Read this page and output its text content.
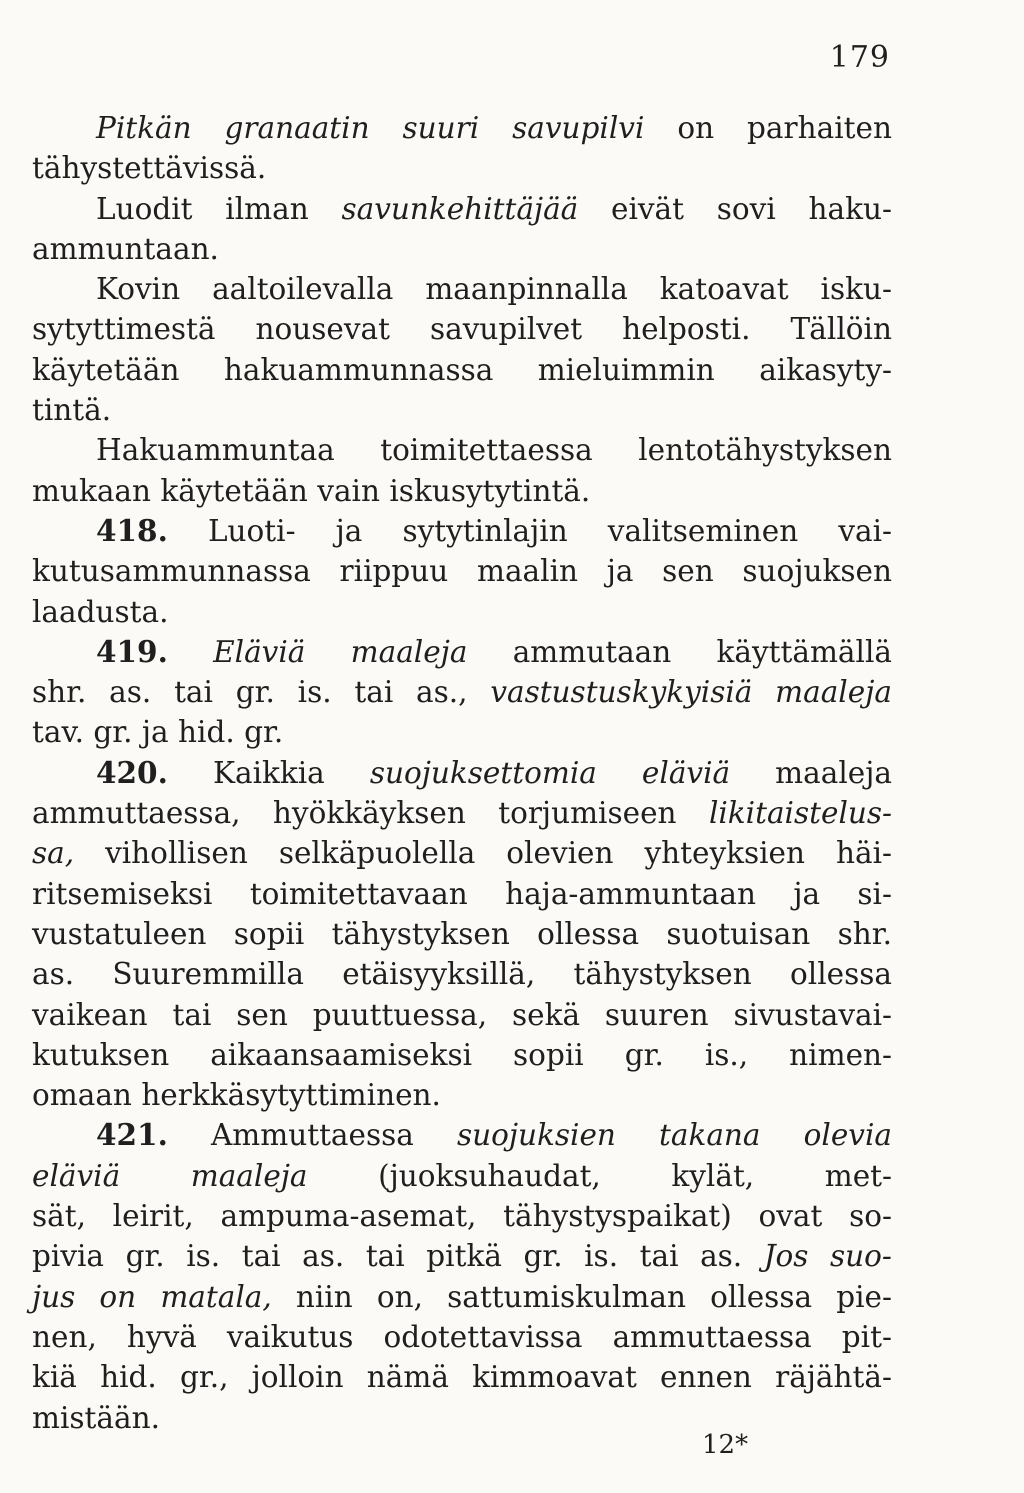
179
Pitkän granaatin suuri savupilvi on parhaiten
tähystettävissä.
Luodit ilman savunkehittäjää eivät sovi haku-
ammuntaan.
Kovin aaltoilevalla maanpinnalla katoavat isku-
sytyttimestä nousevat savupilvet helposti. Tällöin
käytetään hakuammunnassa mieluimmin aikasyty-
tintä.
Hakuammuntaa toimitettaessa lentotähystyksen
mukaan käytetään vain iskusytytintä.
418. Luoti- ja sytytinlajin valitseminen vai-
kutusammunnassa riippuu maalin ja sen suojuksen
laadusta.
419. Eläviä maaleja ammutaan käyttämällä
shr. as. tai gr. is. tai as., vastustuskykyisiä maaleja
tav. gr. ja hid. gr.
420. Kaikkia suojuksettomia eläviä maaleja
ammuttaessa, hyökkäyksen torjumiseen likitaistelus-
sa, vihollisen selkäpuolella olevien yhteyksien häi-
ritsemiseksi toimitettavaan haja-ammuntaan ja si-
vustatuleen sopii tähystyksen ollessa suotuisan shr.
as. Suuremmilla etäisyyksillä, tähystyksen ollessa
vaikean tai sen puuttuessa, sekä suuren sivustavai-
kutuksen aikaansaamiseksi sopii gr. is., nimen-
omaan herkkäsytyttiminen.
421. Ammuttaessa suojuksien takana olevia
eläviä maaleja (juoksuhaudat, kylät, met-
sät, leirit, ampuma-asemat, tähystyspaikat) ovat so-
pivia gr. is. tai as. tai pitkä gr. is. tai as. Jos suo-
jus on matala, niin on, sattumiskulman ollessa pie-
nen, hyvä vaikutus odotettavissa ammuttaessa pit-
kiä hid. gr., jolloin nämä kimmoavat ennen räjähtä-
mistään.
12*
